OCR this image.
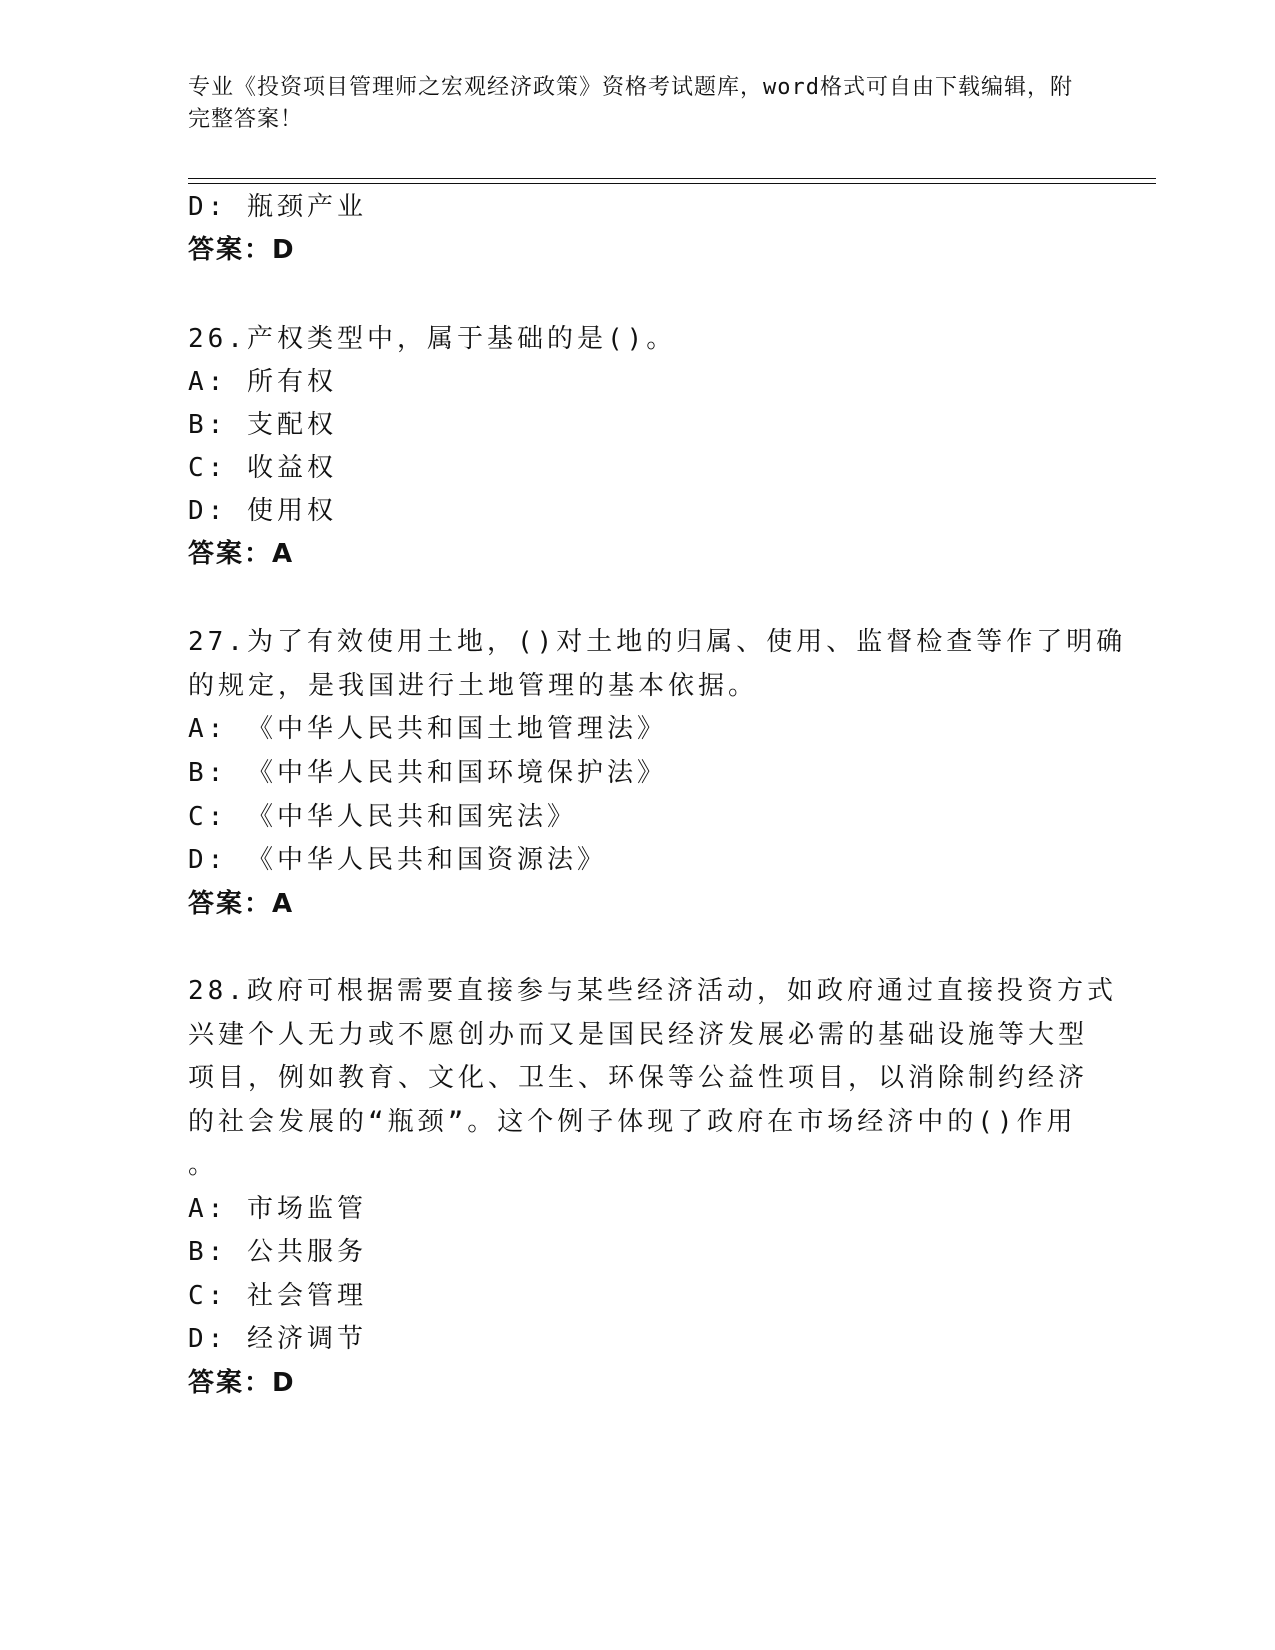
专业《投资项目管理师之宏观经济政策》资格考试题库，word格式可自由下载编辑，附完整答案！
D: 瓶颈产业
答案：D
26.产权类型中，属于基础的是()。
A: 所有权
B: 支配权
C: 收益权
D: 使用权
答案：A
27.为了有效使用土地，()对土地的归属、使用、监督检查等作了明确
的规定，是我国进行土地管理的基本依据。
A: 《中华人民共和国土地管理法》
B: 《中华人民共和国环境保护法》
C: 《中华人民共和国宪法》
D: 《中华人民共和国资源法》
答案：A
28.政府可根据需要直接参与某些经济活动，如政府通过直接投资方式
兴建个人无力或不愿创办而又是国民经济发展必需的基础设施等大型
项目，例如教育、文化、卫生、环保等公益性项目，以消除制约经济
的社会发展的“瓶颈”。这个例子体现了政府在市场经济中的()作用
。
A: 市场监管
B: 公共服务
C: 社会管理
D: 经济调节
答案：D
